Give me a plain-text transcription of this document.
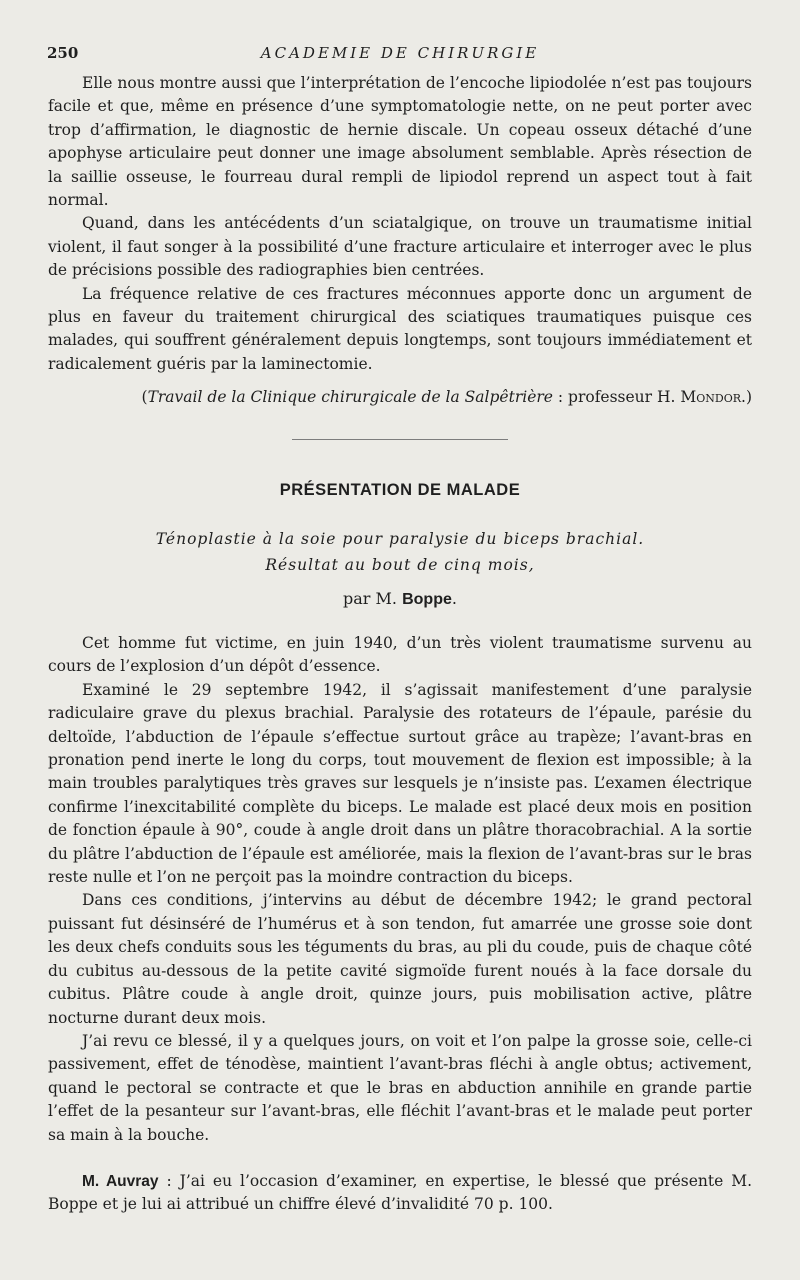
250	ACADEMIE DE CHIRURGIE

Elle nous montre aussi que l’interprétation de l’encoche lipiodolée n’est pas toujours facile et que, même en présence d’une symptomatologie nette, on ne peut porter avec trop d’affirmation, le diagnostic de hernie discale. Un copeau osseux détaché d’une apophyse articulaire peut donner une image absolument semblable. Après résection de la saillie osseuse, le fourreau dural rempli de lipiodol reprend un aspect tout à fait normal.

Quand, dans les antécédents d’un sciatalgique, on trouve un traumatisme initial violent, il faut songer à la possibilité d’une fracture articulaire et interroger avec le plus de précisions possible des radiographies bien centrées.

La fréquence relative de ces fractures méconnues apporte donc un argument de plus en faveur du traitement chirurgical des sciatiques traumatiques puisque ces malades, qui souffrent généralement depuis longtemps, sont toujours immédiatement et radicalement guéris par la laminectomie.

(Travail de la Clinique chirurgicale de la Salpêtrière : professeur H. Mondor.)

PRÉSENTATION DE MALADE
Ténoplastie à la soie pour paralysie du biceps brachial.
Résultat au bout de cinq mois,
par M. Boppe.

Cet homme fut victime, en juin 1940, d’un très violent traumatisme survenu au cours de l’explosion d’un dépôt d’essence.

Examiné le 29 septembre 1942, il s’agissait manifestement d’une paralysie radiculaire grave du plexus brachial. Paralysie des rotateurs de l’épaule, parésie du deltoïde, l’abduction de l’épaule s’effectue surtout grâce au trapèze; l’avant-bras en pronation pend inerte le long du corps, tout mouvement de flexion est impossible; à la main troubles paralytiques très graves sur lesquels je n’insiste pas. L’examen électrique confirme l’inexcitabilité complète du biceps. Le malade est placé deux mois en position de fonction épaule à 90°, coude à angle droit dans un plâtre thoracobrachial. A la sortie du plâtre l’abduction de l’épaule est améliorée, mais la flexion de l’avant-bras sur le bras reste nulle et l’on ne perçoit pas la moindre contraction du biceps.

Dans ces conditions, j’intervins au début de décembre 1942; le grand pectoral puissant fut désinséré de l’humérus et à son tendon, fut amarrée une grosse soie dont les deux chefs conduits sous les téguments du bras, au pli du coude, puis de chaque côté du cubitus au-dessous de la petite cavité sigmoïde furent noués à la face dorsale du cubitus. Plâtre coude à angle droit, quinze jours, puis mobilisation active, plâtre nocturne durant deux mois.

J’ai revu ce blessé, il y a quelques jours, on voit et l’on palpe la grosse soie, celle-ci passivement, effet de ténodèse, maintient l’avant-bras fléchi à angle obtus; activement, quand le pectoral se contracte et que le bras en abduction annihile en grande partie l’effet de la pesanteur sur l’avant-bras, elle fléchit l’avant-bras et le malade peut porter sa main à la bouche.

M. Auvray : J’ai eu l’occasion d’examiner, en expertise, le blessé que présente M. Boppe et je lui ai attribué un chiffre élevé d’invalidité 70 p. 100.
